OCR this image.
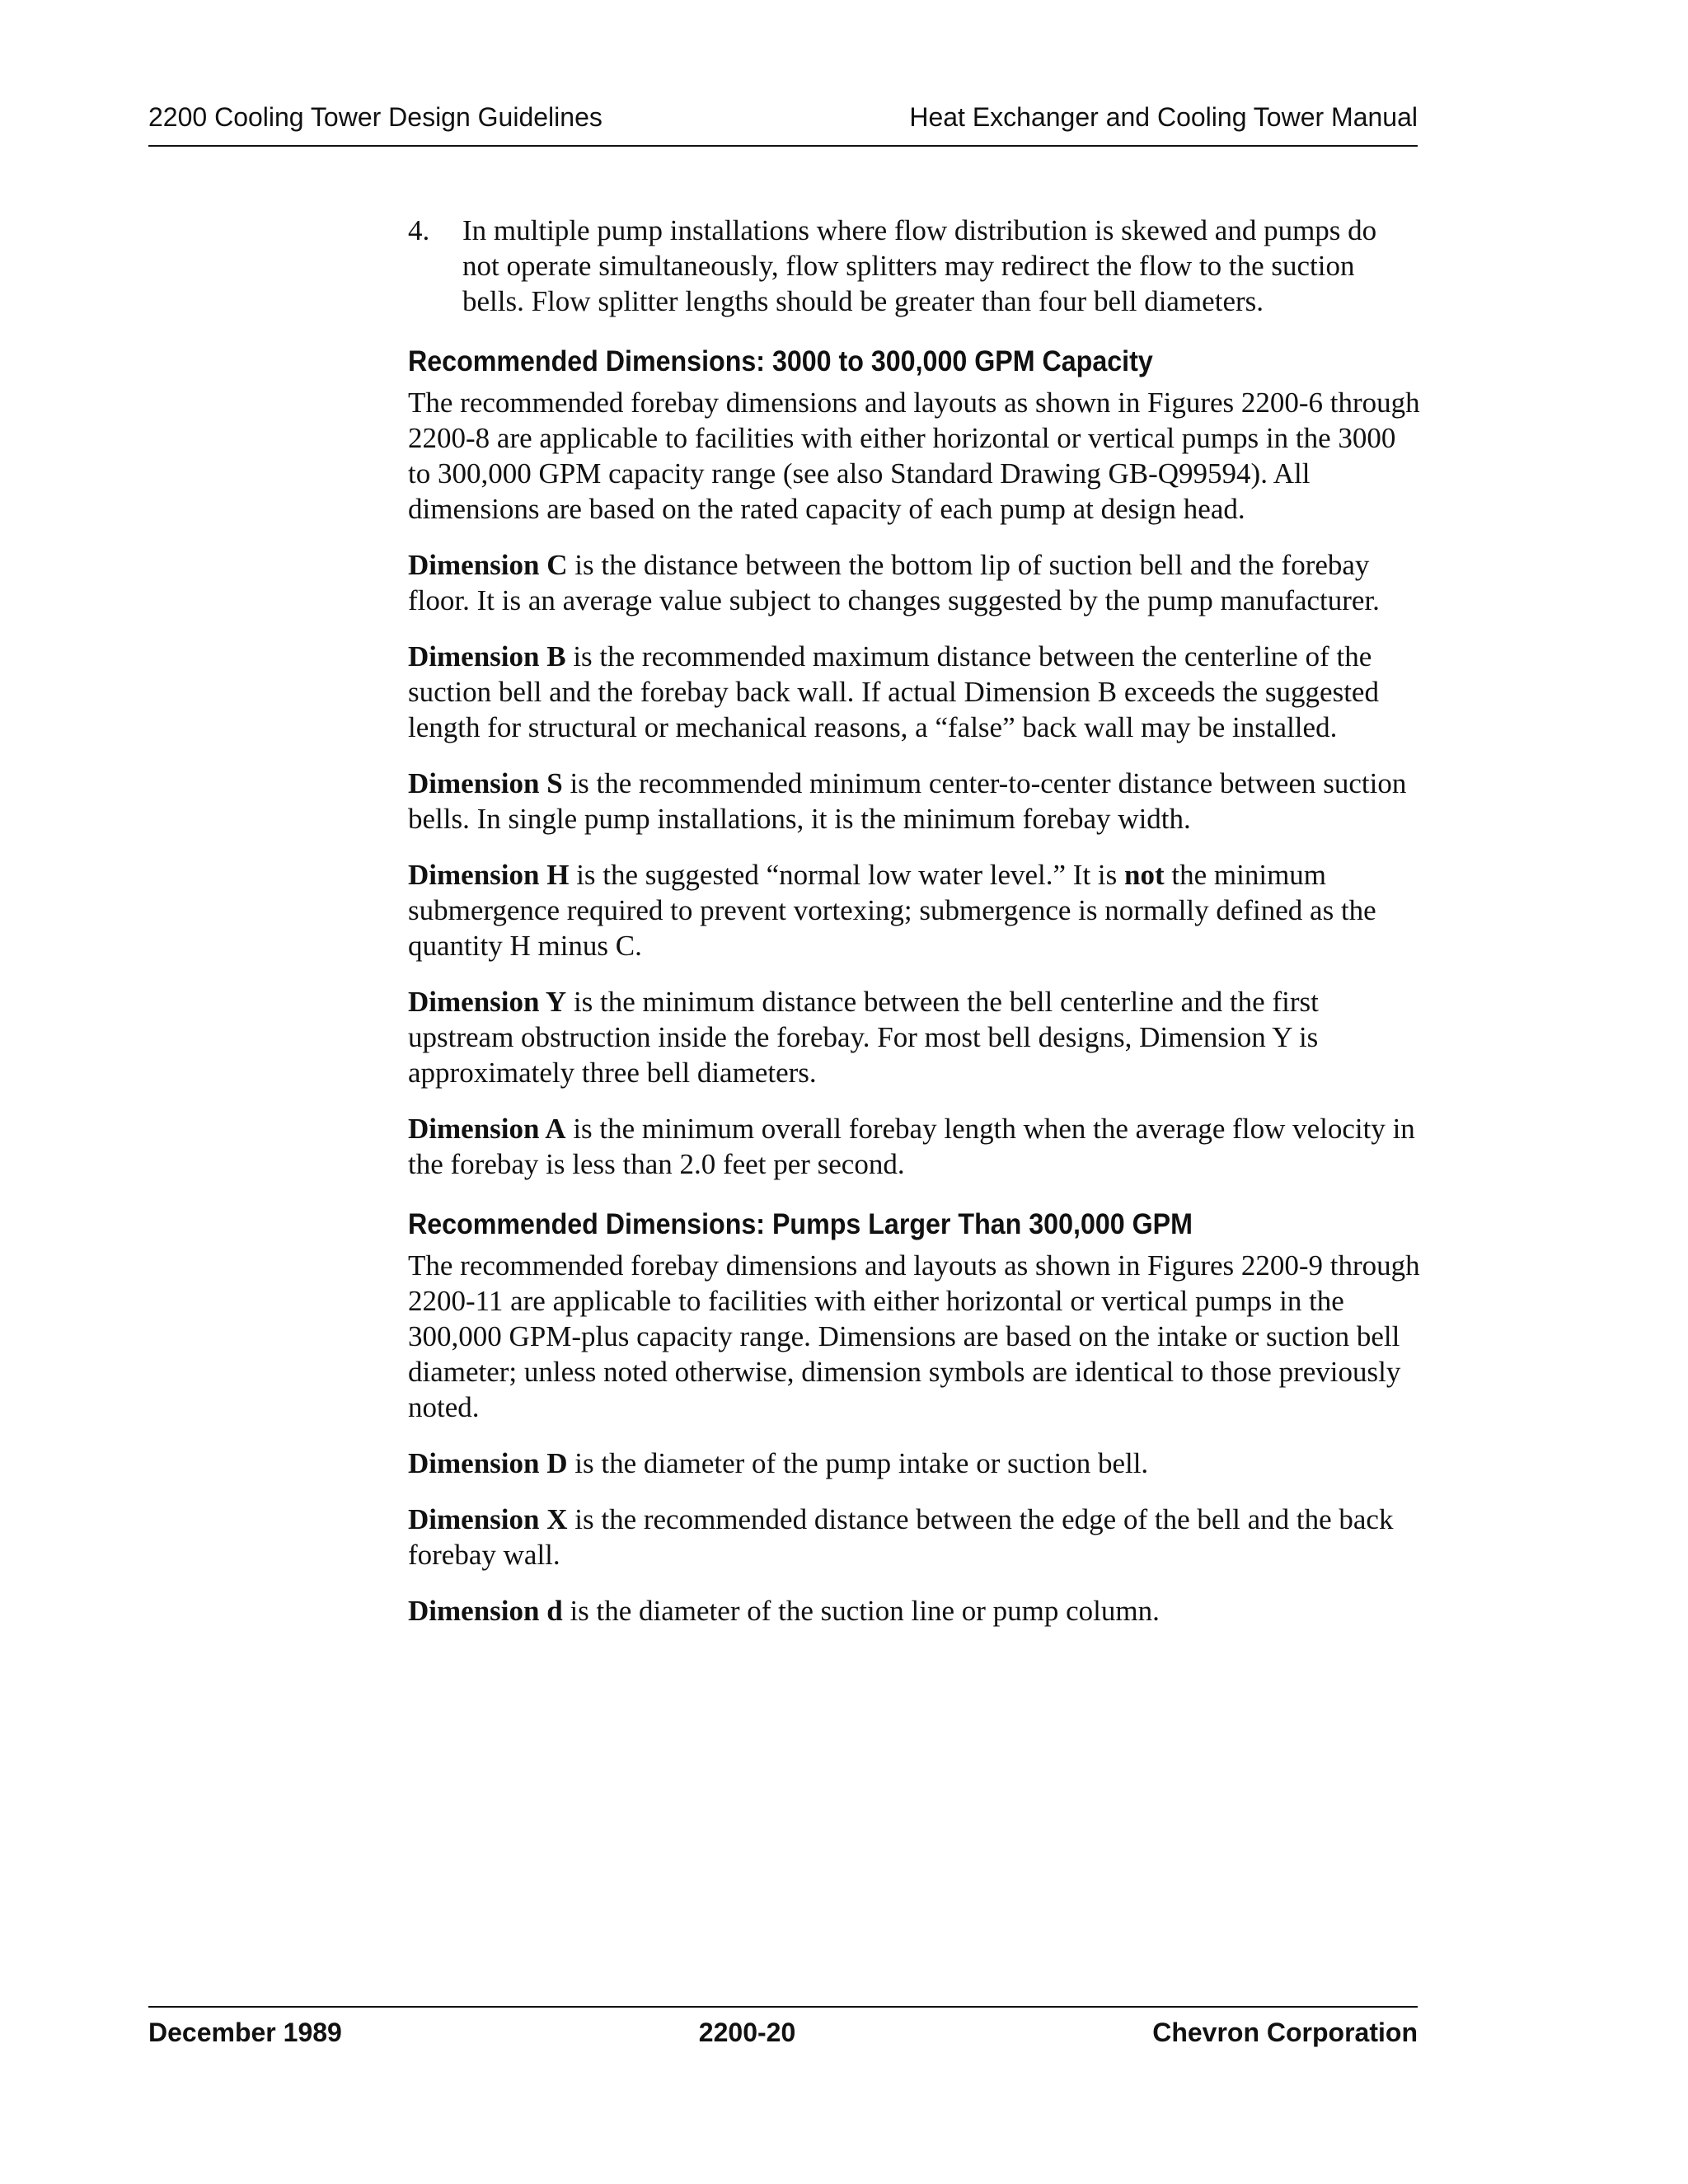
2200 Cooling Tower Design Guidelines	Heat Exchanger and Cooling Tower Manual
4.	In multiple pump installations where flow distribution is skewed and pumps do not operate simultaneously, flow splitters may redirect the flow to the suction bells. Flow splitter lengths should be greater than four bell diameters.
Recommended Dimensions: 3000 to 300,000 GPM Capacity

The recommended forebay dimensions and layouts as shown in Figures 2200-6 through 2200-8 are applicable to facilities with either horizontal or vertical pumps in the 3000 to 300,000 GPM capacity range (see also Standard Drawing GB-Q99594). All dimensions are based on the rated capacity of each pump at design head.

Dimension C is the distance between the bottom lip of suction bell and the forebay floor. It is an average value subject to changes suggested by the pump manufacturer.

Dimension B is the recommended maximum distance between the centerline of the suction bell and the forebay back wall. If actual Dimension B exceeds the suggested length for structural or mechanical reasons, a “false” back wall may be installed.

Dimension S is the recommended minimum center-to-center distance between suction bells. In single pump installations, it is the minimum forebay width.

Dimension H is the suggested “normal low water level.” It is not the minimum submergence required to prevent vortexing; submergence is normally defined as the quantity H minus C.

Dimension Y is the minimum distance between the bell centerline and the first upstream obstruction inside the forebay. For most bell designs, Dimension Y is approximately three bell diameters.

Dimension A is the minimum overall forebay length when the average flow velocity in the forebay is less than 2.0 feet per second.

Recommended Dimensions: Pumps Larger Than 300,000 GPM

The recommended forebay dimensions and layouts as shown in Figures 2200-9 through 2200-11 are applicable to facilities with either horizontal or vertical pumps in the 300,000 GPM-plus capacity range. Dimensions are based on the intake or suction bell diameter; unless noted otherwise, dimension symbols are identical to those previously noted.

Dimension D is the diameter of the pump intake or suction bell.

Dimension X is the recommended distance between the edge of the bell and the back forebay wall.

Dimension d is the diameter of the suction line or pump column.

December 1989	2200-20	Chevron Corporation
